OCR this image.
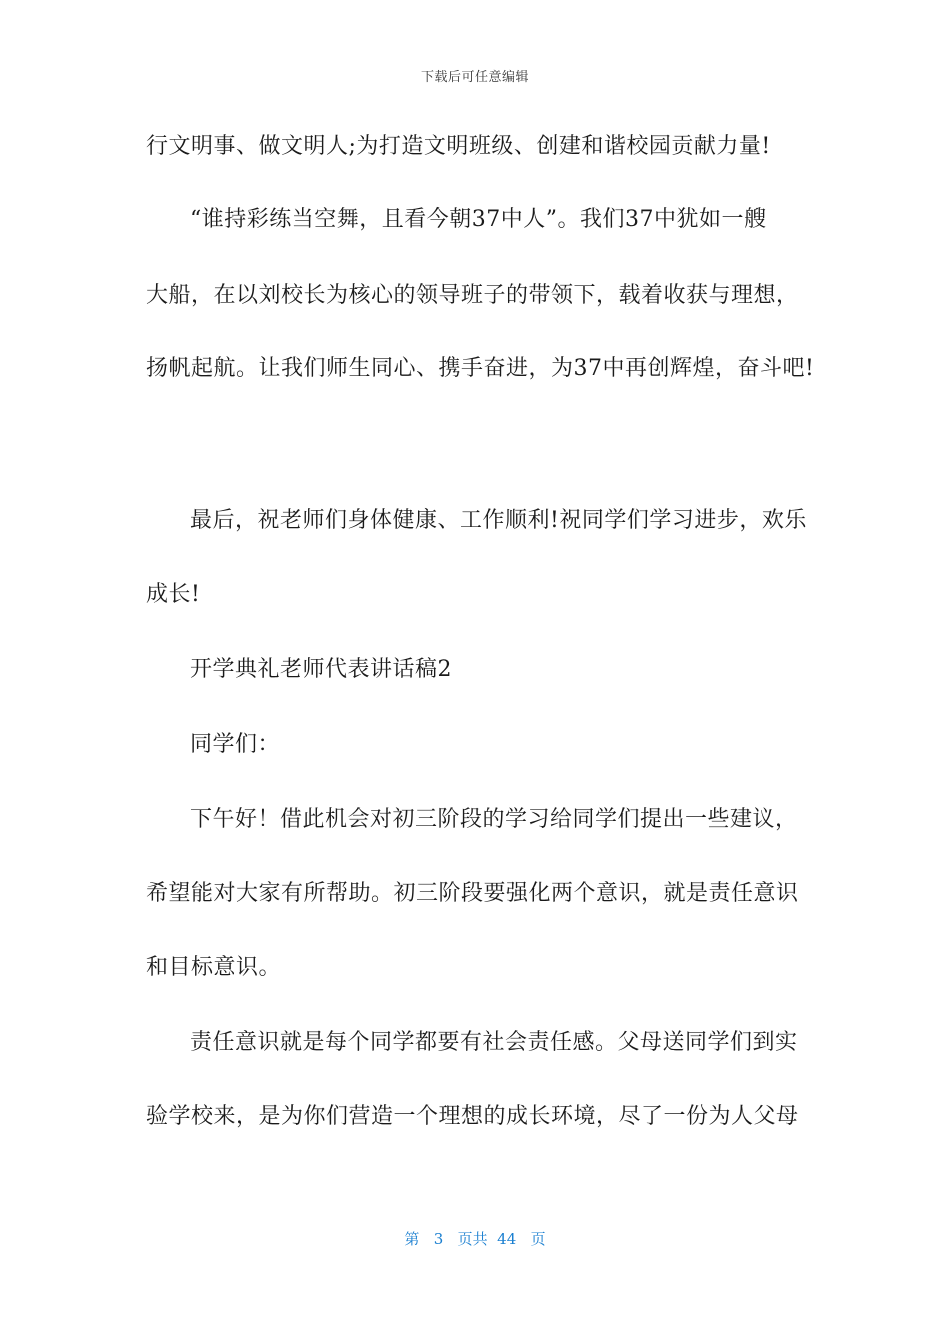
下载后可任意编辑
行文明事、做文明人;为打造文明班级、创建和谐校园贡献力量!
“谁持彩练当空舞，且看今朝37中人”。我们37中犹如一艘
大船，在以刘校长为核心的领导班子的带领下，载着收获与理想，
扬帆起航。让我们师生同心、携手奋进，为37中再创辉煌，奋斗吧!
最后，祝老师们身体健康、工作顺利!祝同学们学习进步，欢乐
成长!
开学典礼老师代表讲话稿2
同学们：
下午好！借此机会对初三阶段的学习给同学们提出一些建议，
希望能对大家有所帮助。初三阶段要强化两个意识，就是责任意识
和目标意识。
责任意识就是每个同学都要有社会责任感。父母送同学们到实
验学校来，是为你们营造一个理想的成长环境，尽了一份为人父母
第 3 页共 44 页
